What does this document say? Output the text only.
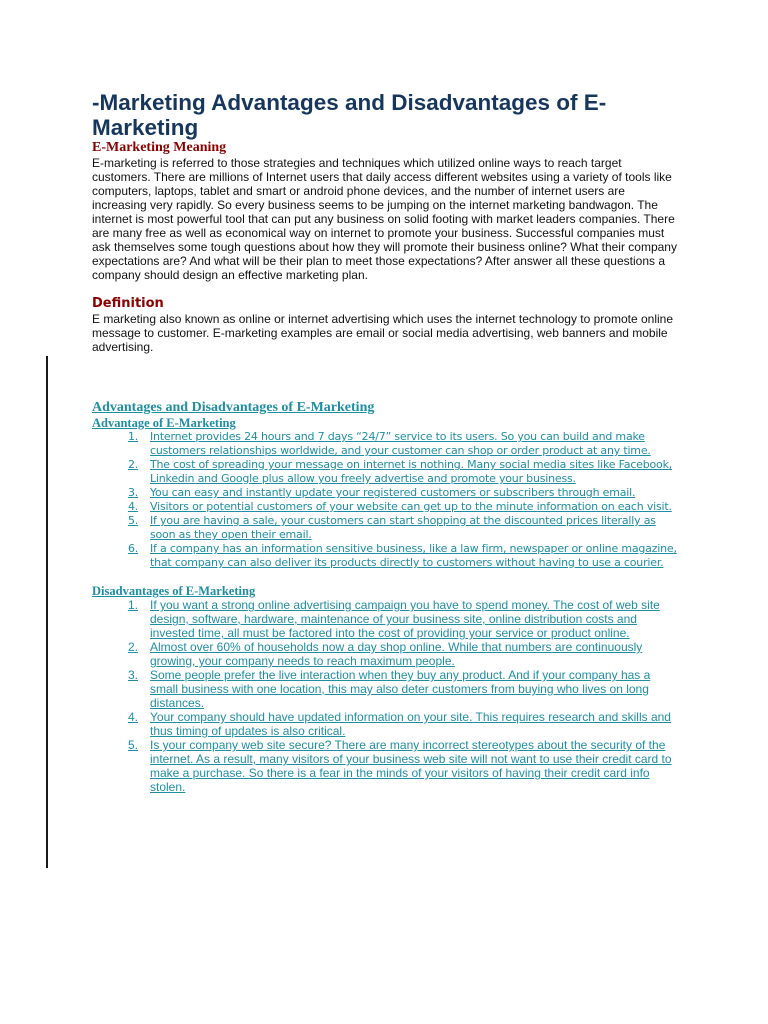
-Marketing Advantages and Disadvantages of E-Marketing
E-Marketing Meaning

E-marketing is referred to those strategies and techniques which utilized online ways to reach target customers. There are millions of Internet users that daily access different websites using a variety of tools like computers, laptops, tablet and smart or android phone devices, and the number of internet users are increasing very rapidly. So every business seems to be jumping on the internet marketing bandwagon. The internet is most powerful tool that can put any business on solid footing with market leaders companies. There are many free as well as economical way on internet to promote your business. Successful companies must ask themselves some tough questions about how they will promote their business online? What their company expectations are? And what will be their plan to meet those expectations? After answer all these questions a company should design an effective marketing plan.

Definition

E marketing also known as online or internet advertising which uses the internet technology to promote online message to customer. E-marketing examples are email or social media advertising, web banners and mobile advertising.

Advantages and Disadvantages of E-Marketing
Advantage of E-Marketing
1. Internet provides 24 hours and 7 days “24/7” service to its users. So you can build and make customers relationships worldwide, and your customer can shop or order product at any time.
2. The cost of spreading your message on internet is nothing. Many social media sites like Facebook, Linkedin and Google plus allow you freely advertise and promote your business.
3. You can easy and instantly update your registered customers or subscribers through email.
4. Visitors or potential customers of your website can get up to the minute information on each visit.
5. If you are having a sale, your customers can start shopping at the discounted prices literally as soon as they open their email.
6. If a company has an information sensitive business, like a law firm, newspaper or online magazine, that company can also deliver its products directly to customers without having to use a courier.
Disadvantages of E-Marketing
1. If you want a strong online advertising campaign you have to spend money. The cost of web site design, software, hardware, maintenance of your business site, online distribution costs and invested time, all must be factored into the cost of providing your service or product online.
2. Almost over 60% of households now a day shop online. While that numbers are continuously growing, your company needs to reach maximum people.
3. Some people prefer the live interaction when they buy any product. And if your company has a small business with one location, this may also deter customers from buying who lives on long distances.
4. Your company should have updated information on your site. This requires research and skills and thus timing of updates is also critical.
5. Is your company web site secure? There are many incorrect stereotypes about the security of the internet. As a result, many visitors of your business web site will not want to use their credit card to make a purchase. So there is a fear in the minds of your visitors of having their credit card info stolen.
